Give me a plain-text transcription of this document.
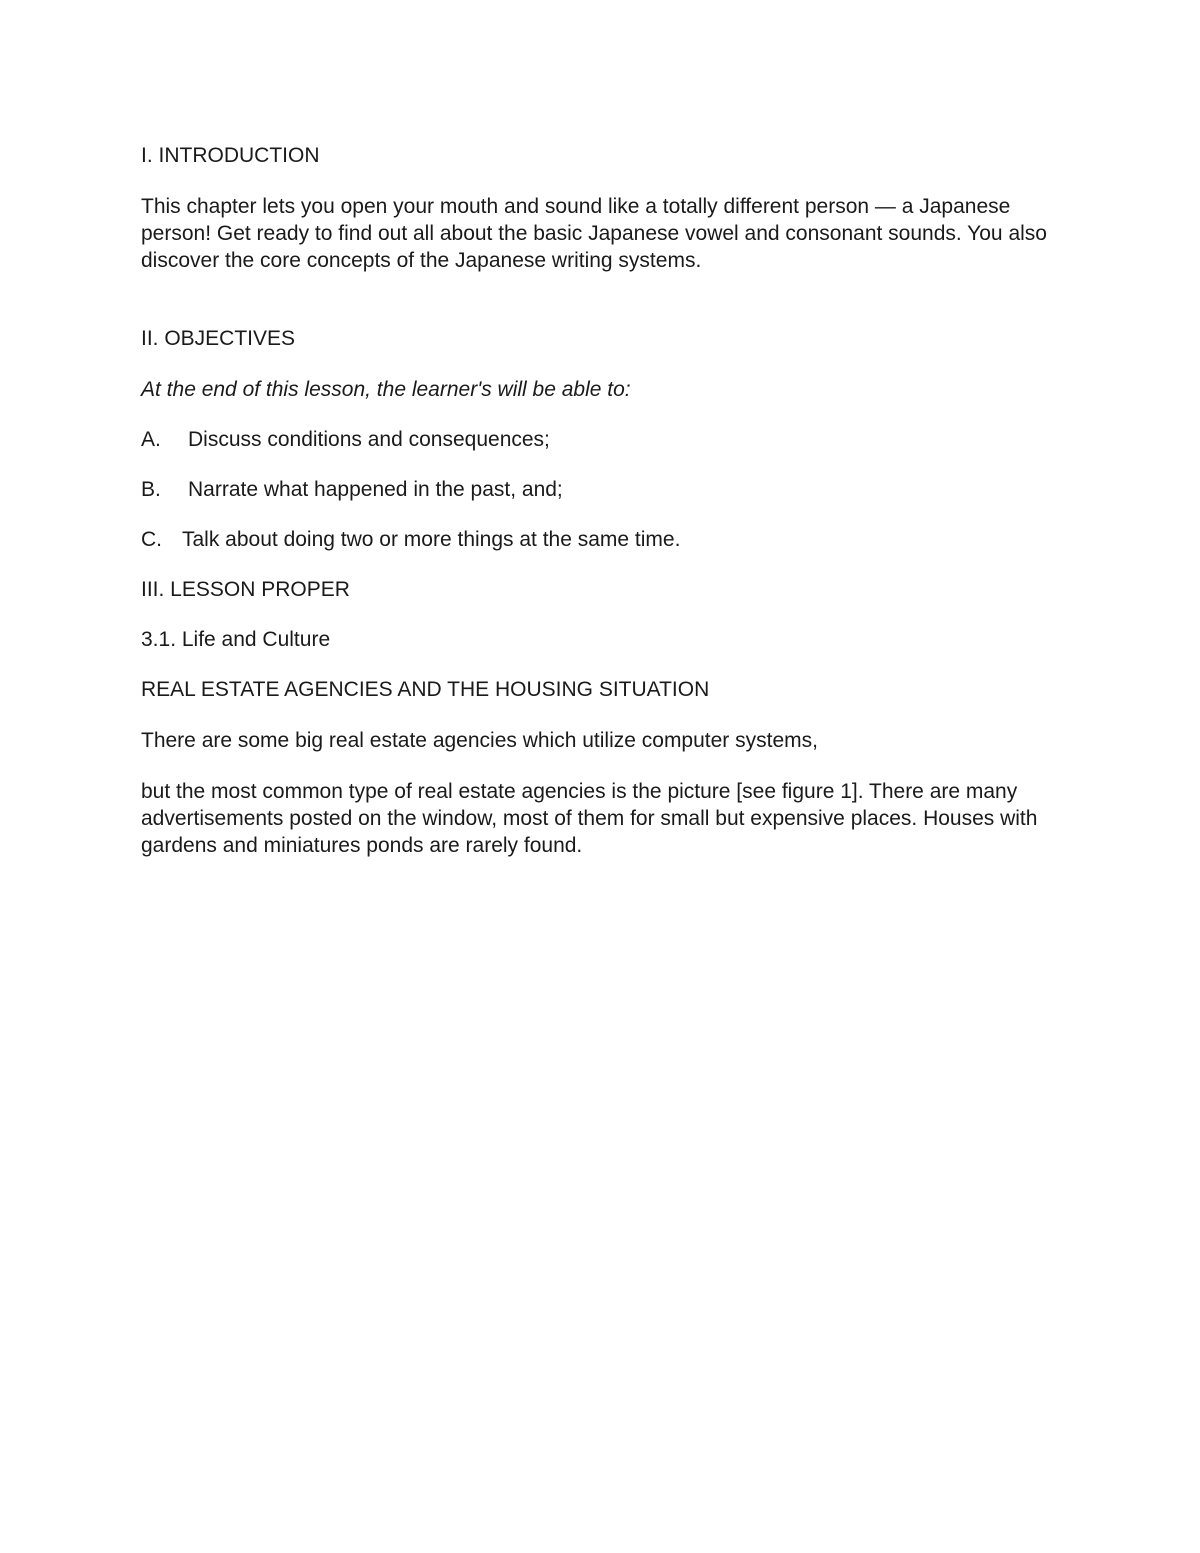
I. INTRODUCTION

This chapter lets you open your mouth and sound like a totally different person — a Japanese person! Get ready to find out all about the basic Japanese vowel and consonant sounds. You also discover the core concepts of the Japanese writing systems.

II. OBJECTIVES

At the end of this lesson, the learner's will be able to:

A.	Discuss conditions and consequences;
B.	Narrate what happened in the past, and;
C. Talk about doing two or more things at the same time.

III. LESSON PROPER

3.1. Life and Culture

REAL ESTATE AGENCIES AND THE HOUSING SITUATION

There are some big real estate agencies which utilize computer systems,

but the most common type of real estate agencies is the picture [see figure 1]. There are many advertisements posted on the window, most of them for small but expensive places. Houses with gardens and miniatures ponds are rarely found.
